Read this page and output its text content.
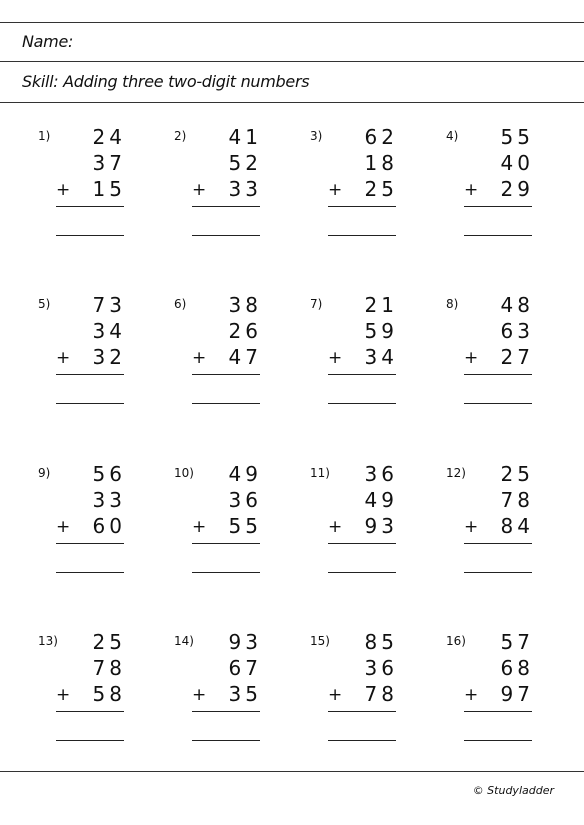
Name:
Skill: Adding three two-digit numbers
1)	24
37
15
+
2)	41
52
33
+
3)	62
18
25
+
4)	55
40
29
+
5)	73
34
32
+
6)	38
26
47
+
7)	21
59
34
+
8)	48
63
27
+
9)	56
33
60
+
10)	49
36
55
+
11)	36
49
93
+
12)	25
78
84
+
13)	25
78
58
+
14)	93
67
35
+
15)	85
36
78
+
16)	57
68
97
+
© Studyladder
